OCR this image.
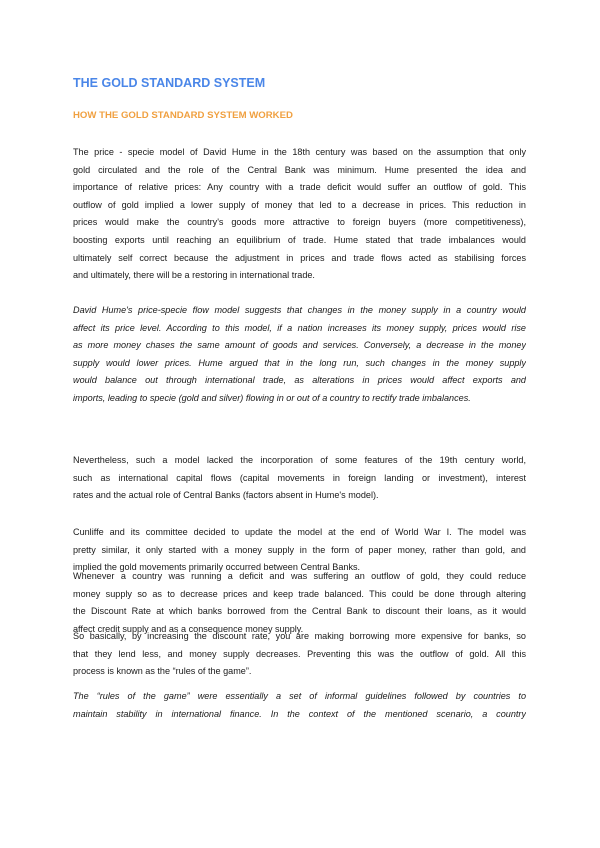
THE GOLD STANDARD SYSTEM
HOW THE GOLD STANDARD SYSTEM WORKED
The price - specie model of David Hume in the 18th century was based on the assumption that only
gold circulated and the role of the Central Bank was minimum. Hume presented the idea and
importance of relative prices: Any country with a trade deficit would suffer an outflow of gold. This
outflow of gold implied a lower supply of money that led to a decrease in prices. This reduction in
prices would make the country's goods more attractive to foreign buyers (more competitiveness),
boosting exports until reaching an equilibrium of trade. Hume stated that trade imbalances would
ultimately self correct because the adjustment in prices and trade flows acted as stabilising forces
and ultimately, there will be a restoring in international trade.
David Hume's price-specie flow model suggests that changes in the money supply in a country would
affect its price level. According to this model, if a nation increases its money supply, prices would rise
as more money chases the same amount of goods and services. Conversely, a decrease in the money
supply would lower prices. Hume argued that in the long run, such changes in the money supply
would balance out through international trade, as alterations in prices would affect exports and
imports, leading to specie (gold and silver) flowing in or out of a country to rectify trade imbalances.
Nevertheless, such a model lacked the incorporation of some features of the 19th century world,
such as international capital flows (capital movements in foreign landing or investment), interest
rates and the actual role of Central Banks (factors absent in Hume's model).
Cunliffe and its committee decided to update the model at the end of World War I. The model was
pretty similar, it only started with a money supply in the form of paper money, rather than gold, and
implied the gold movements primarily occurred between Central Banks.
Whenever a country was running a deficit and was suffering an outflow of gold, they could reduce
money supply so as to decrease prices and keep trade balanced. This could be done through altering
the Discount Rate at which banks borrowed from the Central Bank to discount their loans, as it would
affect credit supply and as a consequence money supply.
So basically, by increasing the discount rate, you are making borrowing more expensive for banks, so
that they lend less, and money supply decreases. Preventing this was the outflow of gold. All this
process is known as the “rules of the game”.
The “rules of the game” were essentially a set of informal guidelines followed by countries to
maintain stability in international finance. In the context of the mentioned scenario, a country
